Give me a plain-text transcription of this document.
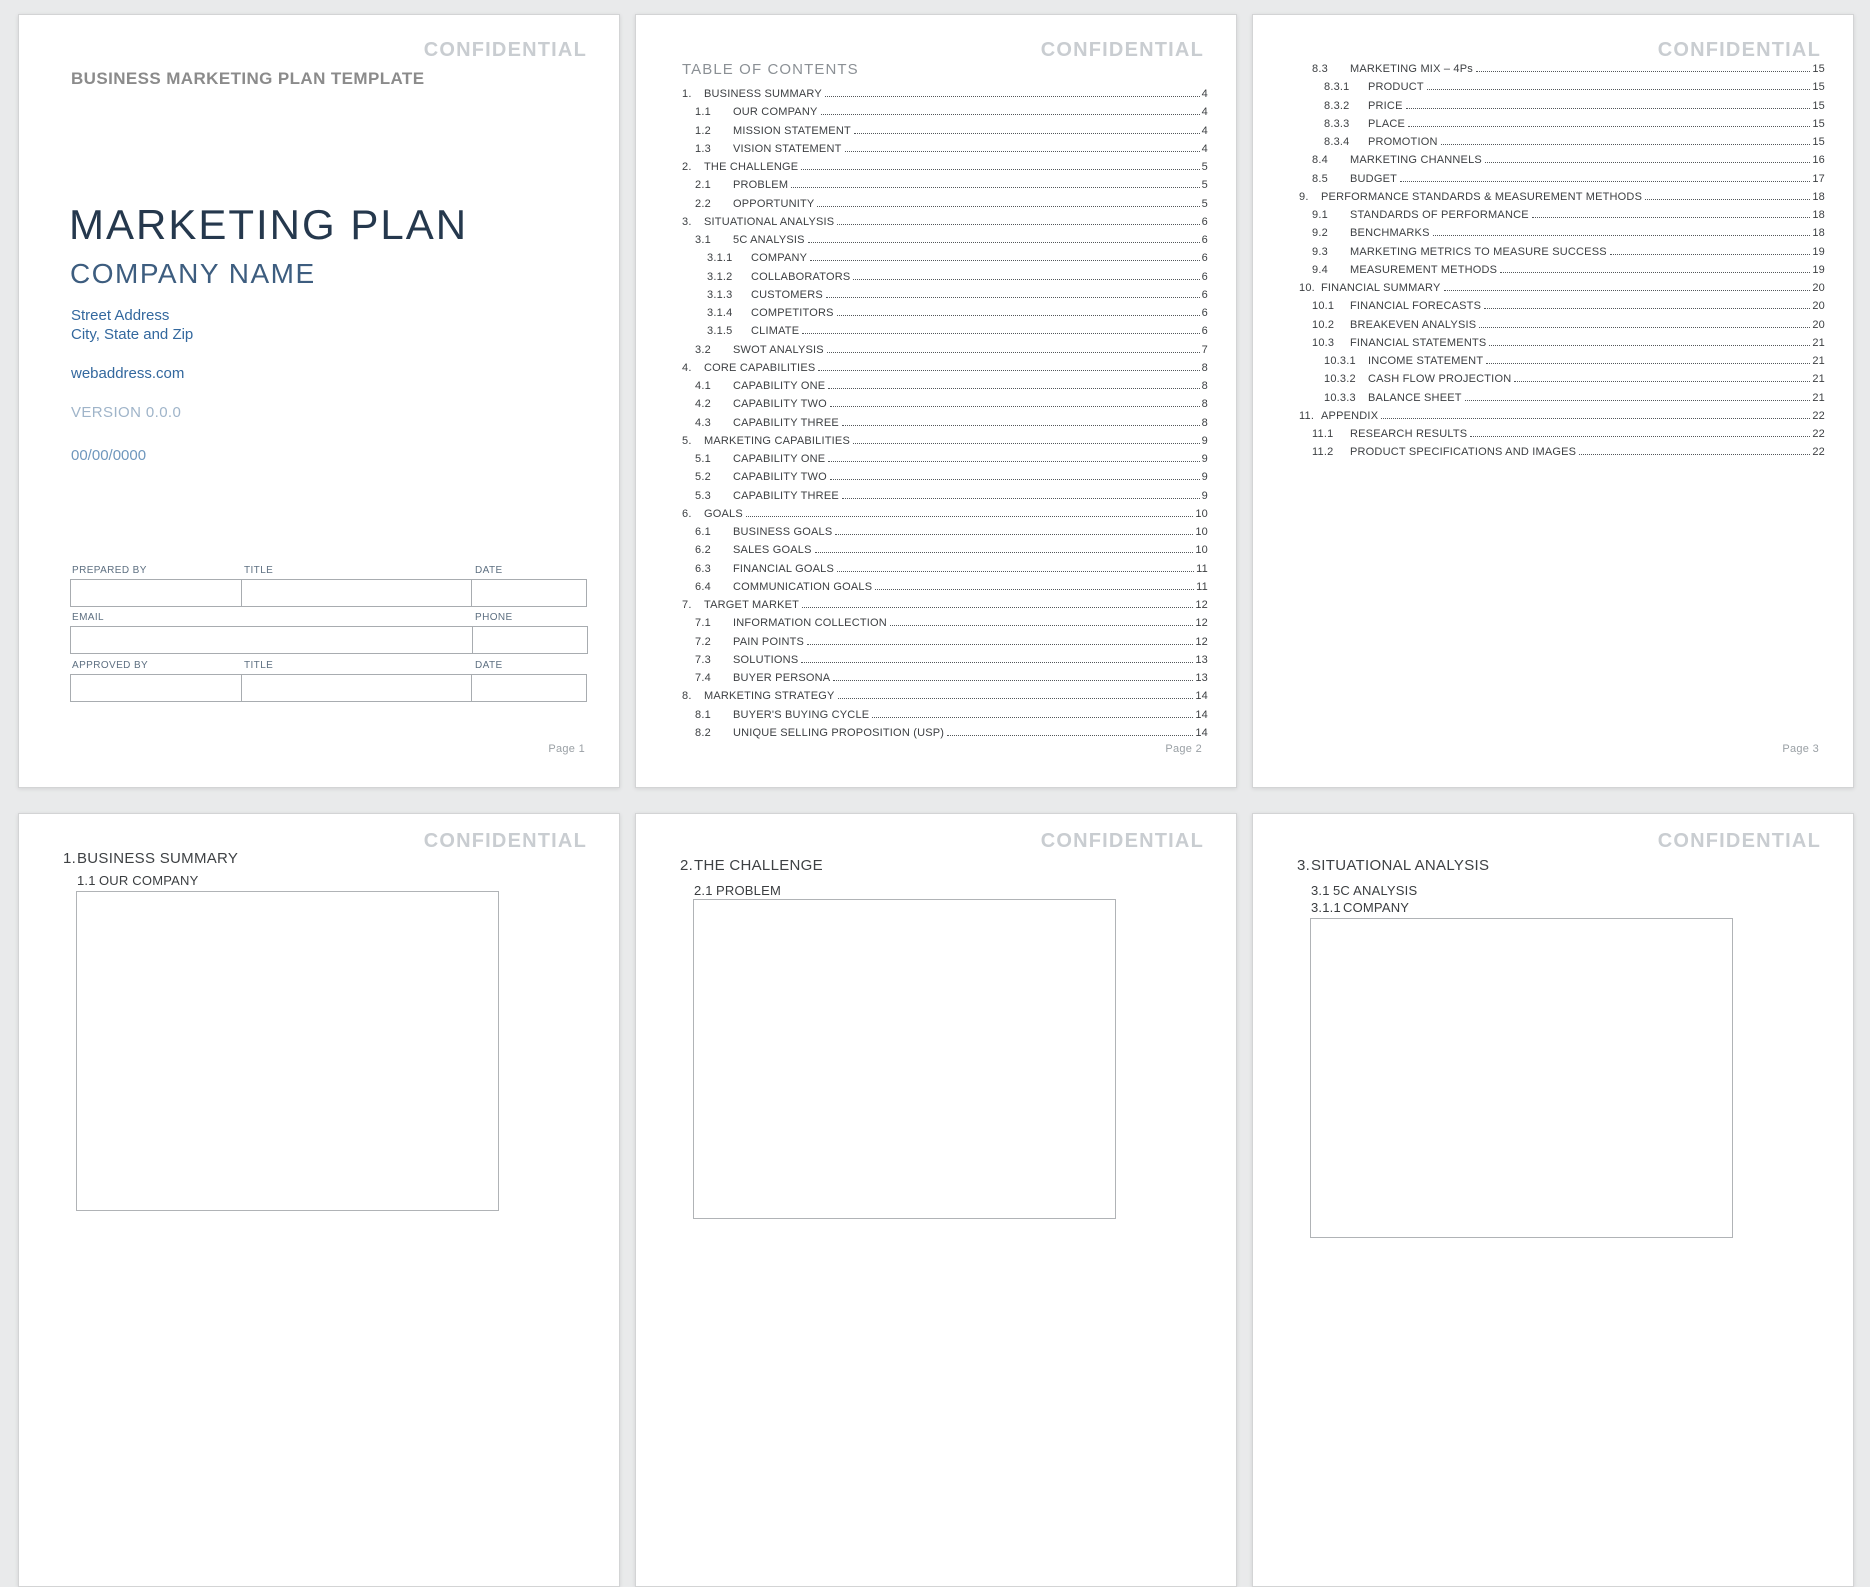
CONFIDENTIAL
BUSINESS MARKETING PLAN TEMPLATE
MARKETING PLAN
COMPANY NAME
Street Address
City, State and Zip
webaddress.com
VERSION 0.0.0
00/00/0000
PREPARED BY	TITLE	DATE
EMAIL	PHONE
APPROVED BY	TITLE	DATE
Page 1
CONFIDENTIAL
TABLE OF CONTENTS
1.	BUSINESS SUMMARY	4
1.1	OUR COMPANY	4
1.2	MISSION STATEMENT	4
1.3	VISION STATEMENT	4
2.	THE CHALLENGE	5
2.1	PROBLEM	5
2.2	OPPORTUNITY	5
3.	SITUATIONAL ANALYSIS	6
3.1	5C ANALYSIS	6
3.1.1	COMPANY	6
3.1.2	COLLABORATORS	6
3.1.3	CUSTOMERS	6
3.1.4	COMPETITORS	6
3.1.5	CLIMATE	6
3.2	SWOT ANALYSIS	7
4.	CORE CAPABILITIES	8
4.1	CAPABILITY ONE	8
4.2	CAPABILITY TWO	8
4.3	CAPABILITY THREE	8
5.	MARKETING CAPABILITIES	9
5.1	CAPABILITY ONE	9
5.2	CAPABILITY TWO	9
5.3	CAPABILITY THREE	9
6.	GOALS	10
6.1	BUSINESS GOALS	10
6.2	SALES GOALS	10
6.3	FINANCIAL GOALS	11
6.4	COMMUNICATION GOALS	11
7.	TARGET MARKET	12
7.1	INFORMATION COLLECTION	12
7.2	PAIN POINTS	12
7.3	SOLUTIONS	13
7.4	BUYER PERSONA	13
8.	MARKETING STRATEGY	14
8.1	BUYER'S BUYING CYCLE	14
8.2	UNIQUE SELLING PROPOSITION (USP)	14
Page 2
CONFIDENTIAL
8.3	MARKETING MIX – 4Ps	15
8.3.1	PRODUCT	15
8.3.2	PRICE	15
8.3.3	PLACE	15
8.3.4	PROMOTION	15
8.4	MARKETING CHANNELS	16
8.5	BUDGET	17
9.	PERFORMANCE STANDARDS & MEASUREMENT METHODS	18
9.1	STANDARDS OF PERFORMANCE	18
9.2	BENCHMARKS	18
9.3	MARKETING METRICS TO MEASURE SUCCESS	19
9.4	MEASUREMENT METHODS	19
10. FINANCIAL SUMMARY	20
10.1	FINANCIAL FORECASTS	20
10.2	BREAKEVEN ANALYSIS	20
10.3	FINANCIAL STATEMENTS	21
10.3.1	INCOME STATEMENT	21
10.3.2	CASH FLOW PROJECTION	21
10.3.3	BALANCE SHEET	21
11. APPENDIX	22
11.1	RESEARCH RESULTS	22
11.2	PRODUCT SPECIFICATIONS AND IMAGES	22
Page 3
CONFIDENTIAL
1. BUSINESS SUMMARY
1.1 OUR COMPANY
CONFIDENTIAL
2. THE CHALLENGE
2.1 PROBLEM
CONFIDENTIAL
3. SITUATIONAL ANALYSIS
3.1 5C ANALYSIS
3.1.1 COMPANY
